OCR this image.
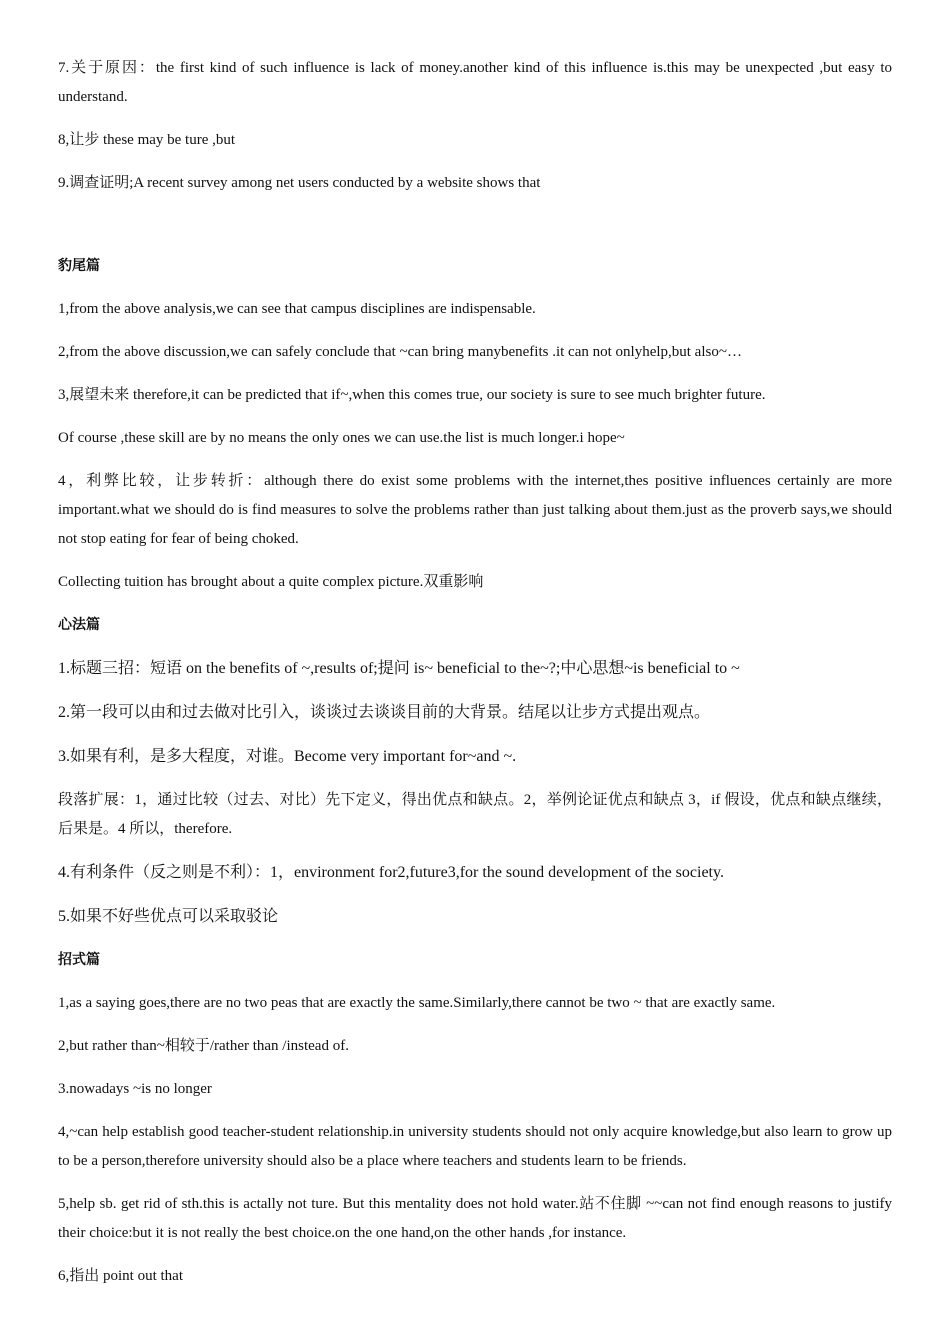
7.关于原因：the first kind of such influence is lack of money.another kind of this influence is.this may be unexpected ,but easy to understand.

8,让步 these may be ture ,but

9.调查证明;A recent survey among net users conducted by a website shows that

豹尾篇

1,from the above analysis,we can see that campus disciplines are indispensable.

2,from the above discussion,we can safely conclude that ~can bring manybenefits .it can not onlyhelp,but also~…

3,展望未来 therefore,it can be predicted that if~,when this comes true, our society is sure to see much brighter future.

Of course ,these skill are by no means the only ones we can use.the list is much longer.i hope~

4，利弊比较，让步转折：although there do exist some problems with the internet,thes positive influences certainly are more important.what we should do is find measures to solve the problems rather than just talking about them.just as the proverb says,we should not stop eating for fear of being choked.

Collecting tuition has brought about a quite complex picture.双重影响

心法篇

1.标题三招：短语 on the benefits of ~,results of;提问 is~ beneficial to the~?;中心思想~is beneficial to ~

2.第一段可以由和过去做对比引入，谈谈过去谈谈目前的大背景。结尾以让步方式提出观点。

3.如果有利，是多大程度，对谁。Become very important for~and ~.

段落扩展：1，通过比较（过去、对比）先下定义，得出优点和缺点。2，举例论证优点和缺点 3，if 假设，优点和缺点继续，后果是。4 所以，therefore.

4.有利条件（反之则是不利）：1，environment for2,future3,for the sound development of the society.

5.如果不好些优点可以采取驳论

招式篇

1,as a saying goes,there are no two peas that are exactly the same.Similarly,there cannot be two ~ that are exactly same.

2,but rather than~相较于/rather than /instead of.

3.nowadays ~is no longer

4,~can help establish good teacher-student relationship.in university students should not only acquire knowledge,but also learn to grow up to be a person,therefore university should also be a place where teachers and students learn to be friends.

5,help sb. get rid of sth.this is actally not ture. But this mentality does not hold water.站不住脚 ~~can not find enough reasons to justify their choice:but it is not really the best choice.on the one hand,on the other hands ,for instance.

6,指出 point out that
